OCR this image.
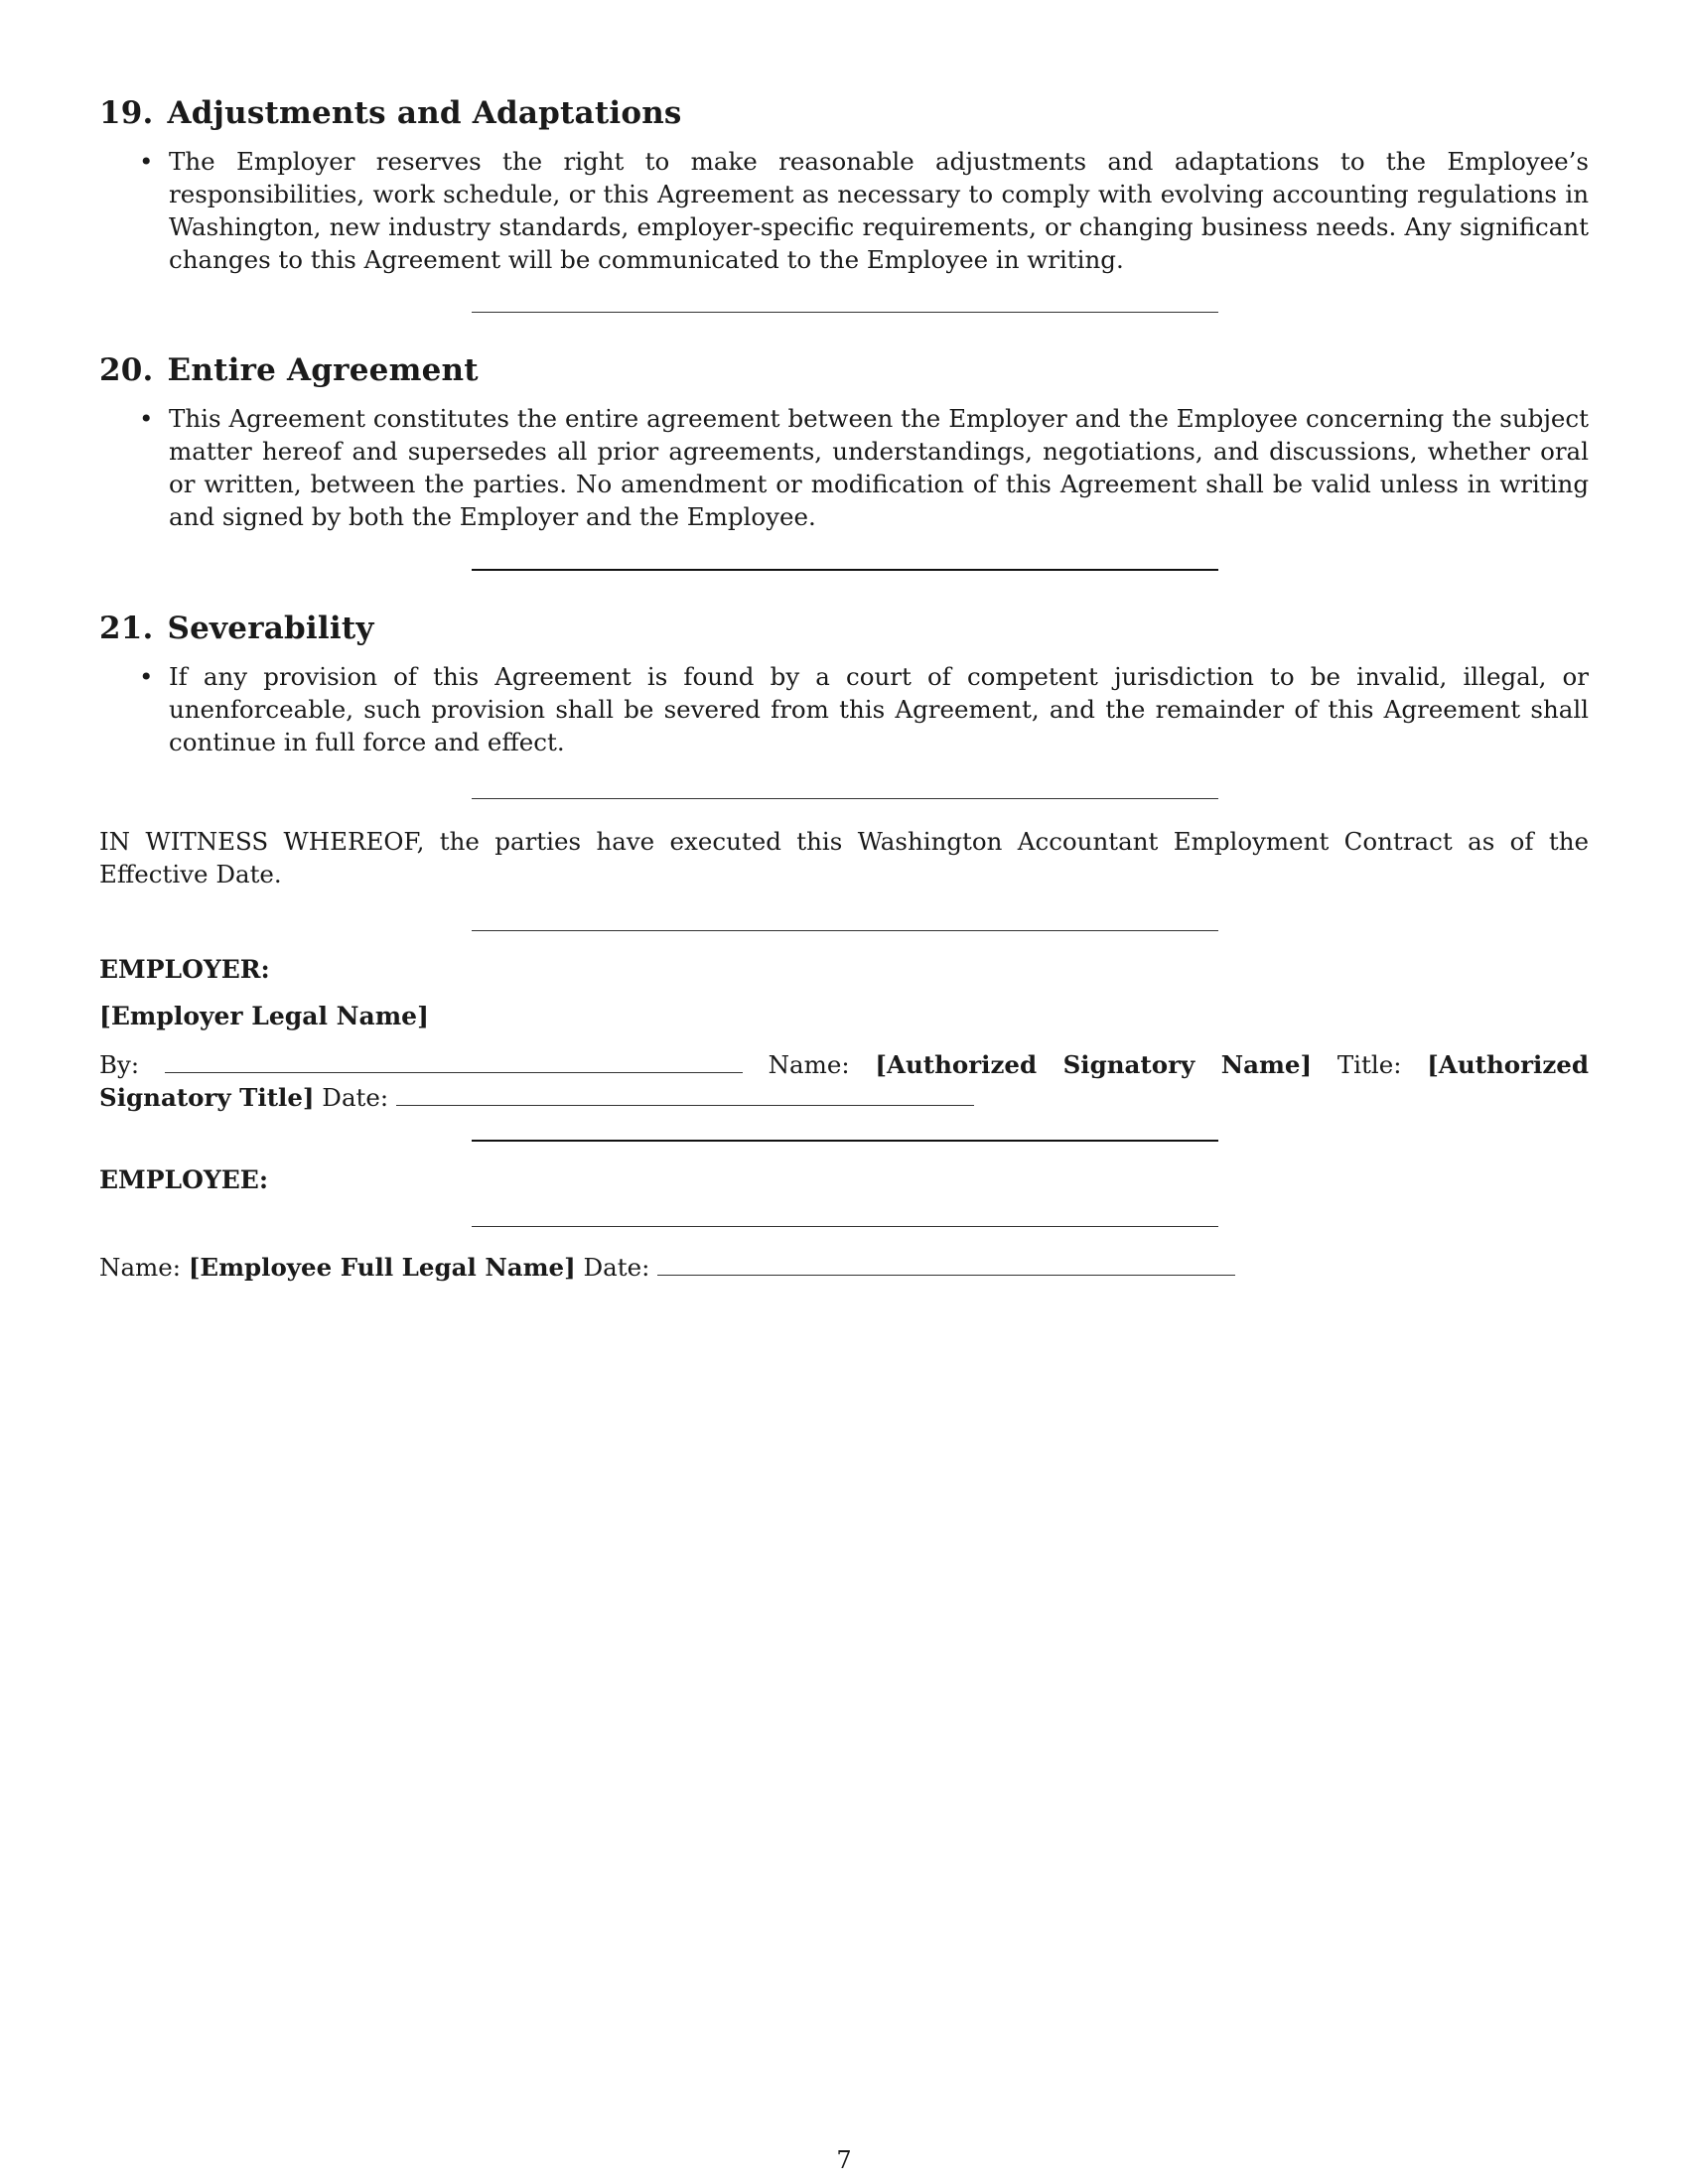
19. Adjustments and Adaptations
• The Employer reserves the right to make reasonable adjustments and adaptations to the Employee’s responsibilities, work schedule, or this Agreement as necessary to comply with evolving accounting regulations in Washington, new industry standards, employer-specific requirements, or changing business needs. Any significant changes to this Agreement will be communicated to the Employee in writing.
20. Entire Agreement
• This Agreement constitutes the entire agreement between the Employer and the Employee concerning the subject matter hereof and supersedes all prior agreements, understandings, negotiations, and discussions, whether oral or written, between the parties. No amendment or modification of this Agreement shall be valid unless in writing and signed by both the Employer and the Employee.
21. Severability
• If any provision of this Agreement is found by a court of competent jurisdiction to be invalid, illegal, or unenforceable, such provision shall be severed from this Agreement, and the remainder of this Agreement shall continue in full force and effect.

IN WITNESS WHEREOF, the parties have executed this Washington Accountant Employment Contract as of the Effective Date.

EMPLOYER:

[Employer Legal Name]

By:	Name: [Authorized Signatory Name] Title: [Authorized Signatory Title] Date:

EMPLOYEE:

Name: [Employee Full Legal Name] Date:

7
